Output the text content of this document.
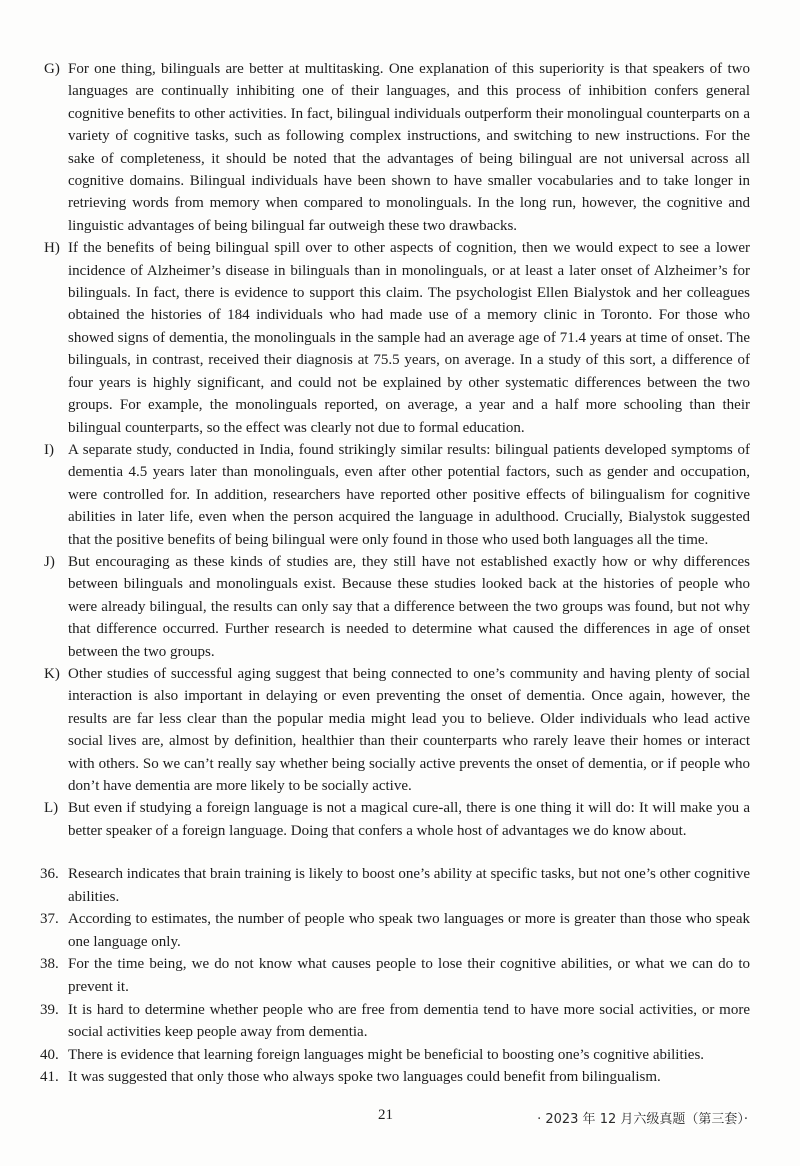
G) For one thing, bilinguals are better at multitasking. One explanation of this superiority is that speakers of two languages are continually inhibiting one of their languages, and this process of inhibition confers general cognitive benefits to other activities. In fact, bilingual individuals outperform their monolingual counterparts on a variety of cognitive tasks, such as following complex instructions, and switching to new instructions. For the sake of completeness, it should be noted that the advantages of being bilingual are not universal across all cognitive domains. Bilingual individuals have been shown to have smaller vocabularies and to take longer in retrieving words from memory when compared to monolinguals. In the long run, however, the cognitive and linguistic advantages of being bilingual far outweigh these two drawbacks.
H) If the benefits of being bilingual spill over to other aspects of cognition, then we would expect to see a lower incidence of Alzheimer’s disease in bilinguals than in monolinguals, or at least a later onset of Alzheimer’s for bilinguals. In fact, there is evidence to support this claim. The psychologist Ellen Bialystok and her colleagues obtained the histories of 184 individuals who had made use of a memory clinic in Toronto. For those who showed signs of dementia, the monolinguals in the sample had an average age of 71.4 years at time of onset. The bilinguals, in contrast, received their diagnosis at 75.5 years, on average. In a study of this sort, a difference of four years is highly significant, and could not be explained by other systematic differences between the two groups. For example, the monolinguals reported, on average, a year and a half more schooling than their bilingual counterparts, so the effect was clearly not due to formal education.
I) A separate study, conducted in India, found strikingly similar results: bilingual patients developed symptoms of dementia 4.5 years later than monolinguals, even after other potential factors, such as gender and occupation, were controlled for. In addition, researchers have reported other positive effects of bilingualism for cognitive abilities in later life, even when the person acquired the language in adulthood. Crucially, Bialystok suggested that the positive benefits of being bilingual were only found in those who used both languages all the time.
J) But encouraging as these kinds of studies are, they still have not established exactly how or why differences between bilinguals and monolinguals exist. Because these studies looked back at the histories of people who were already bilingual, the results can only say that a difference between the two groups was found, but not why that difference occurred. Further research is needed to determine what caused the differences in age of onset between the two groups.
K) Other studies of successful aging suggest that being connected to one’s community and having plenty of social interaction is also important in delaying or even preventing the onset of dementia. Once again, however, the results are far less clear than the popular media might lead you to believe. Older individuals who lead active social lives are, almost by definition, healthier than their counterparts who rarely leave their homes or interact with others. So we can’t really say whether being socially active prevents the onset of dementia, or if people who don’t have dementia are more likely to be socially active.
L) But even if studying a foreign language is not a magical cure-all, there is one thing it will do: It will make you a better speaker of a foreign language. Doing that confers a whole host of advantages we do know about.
36. Research indicates that brain training is likely to boost one’s ability at specific tasks, but not one’s other cognitive abilities.
37. According to estimates, the number of people who speak two languages or more is greater than those who speak one language only.
38. For the time being, we do not know what causes people to lose their cognitive abilities, or what we can do to prevent it.
39. It is hard to determine whether people who are free from dementia tend to have more social activities, or more social activities keep people away from dementia.
40. There is evidence that learning foreign languages might be beneficial to boosting one’s cognitive abilities.
41. It was suggested that only those who always spoke two languages could benefit from bilingualism.
21	· 2023 年 12 月六级真题（第三套）·
